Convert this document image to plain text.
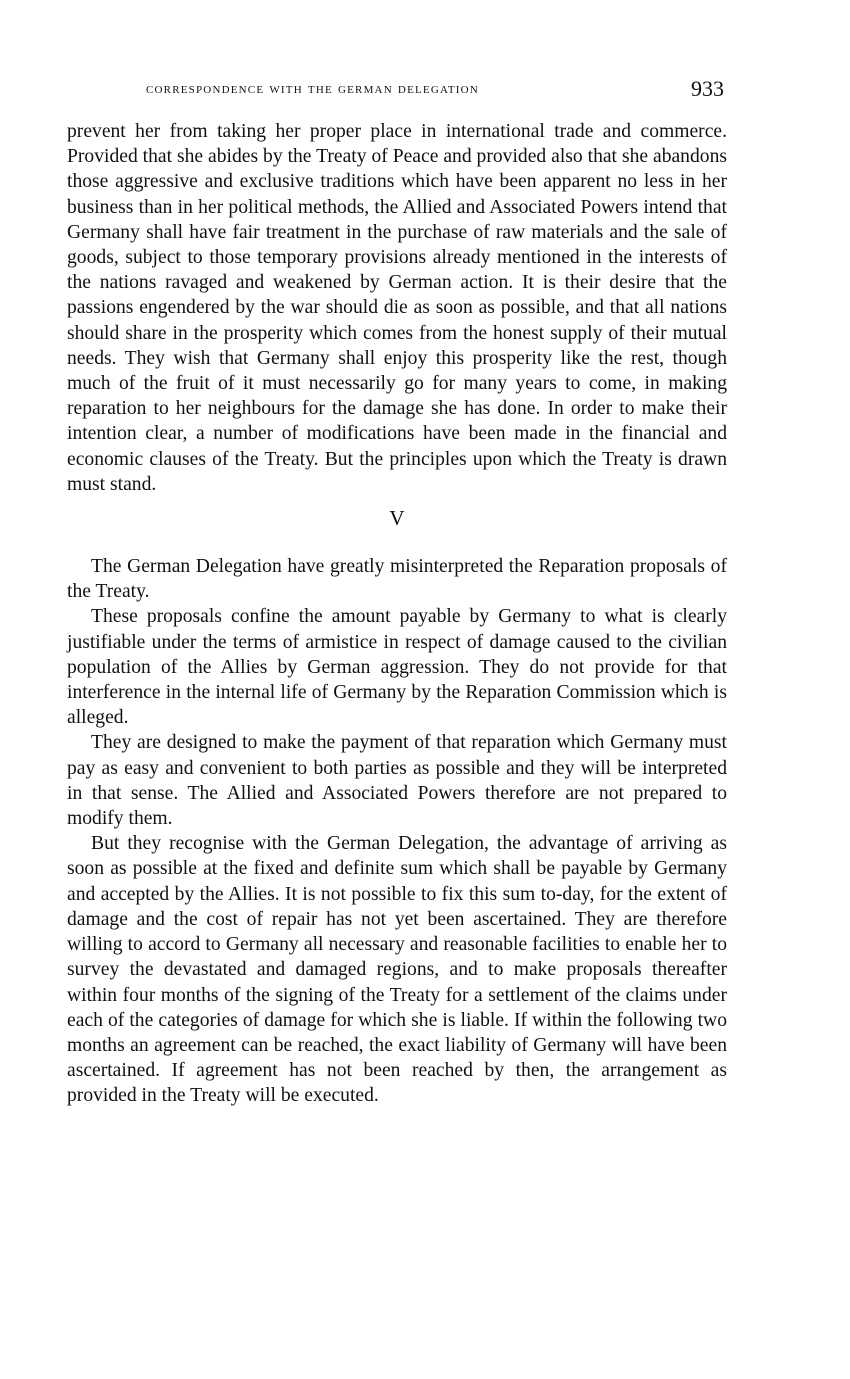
correspondence with the german delegation	933

prevent her from taking her proper place in international trade and commerce. Provided that she abides by the Treaty of Peace and provided also that she abandons those aggressive and exclusive traditions which have been apparent no less in her business than in her political methods, the Allied and Associated Powers intend that Germany shall have fair treatment in the purchase of raw materials and the sale of goods, subject to those temporary provisions already mentioned in the interests of the nations ravaged and weakened by German action. It is their desire that the passions engendered by the war should die as soon as possible, and that all nations should share in the prosperity which comes from the honest supply of their mutual needs. They wish that Germany shall enjoy this prosperity like the rest, though much of the fruit of it must necessarily go for many years to come, in making reparation to her neighbours for the damage she has done. In order to make their intention clear, a number of modifications have been made in the financial and economic clauses of the Treaty. But the principles upon which the Treaty is drawn must stand.

V

The German Delegation have greatly misinterpreted the Reparation proposals of the Treaty.

These proposals confine the amount payable by Germany to what is clearly justifiable under the terms of armistice in respect of damage caused to the civilian population of the Allies by German aggression. They do not provide for that interference in the internal life of Germany by the Reparation Commission which is alleged.

They are designed to make the payment of that reparation which Germany must pay as easy and convenient to both parties as possible and they will be interpreted in that sense. The Allied and Associated Powers therefore are not prepared to modify them.

But they recognise with the German Delegation, the advantage of arriving as soon as possible at the fixed and definite sum which shall be payable by Germany and accepted by the Allies. It is not possible to fix this sum to-day, for the extent of damage and the cost of repair has not yet been ascertained. They are therefore willing to accord to Germany all necessary and reasonable facilities to enable her to survey the devastated and damaged regions, and to make proposals thereafter within four months of the signing of the Treaty for a settlement of the claims under each of the categories of damage for which she is liable. If within the following two months an agreement can be reached, the exact liability of Germany will have been ascertained. If agreement has not been reached by then, the arrangement as provided in the Treaty will be executed.
